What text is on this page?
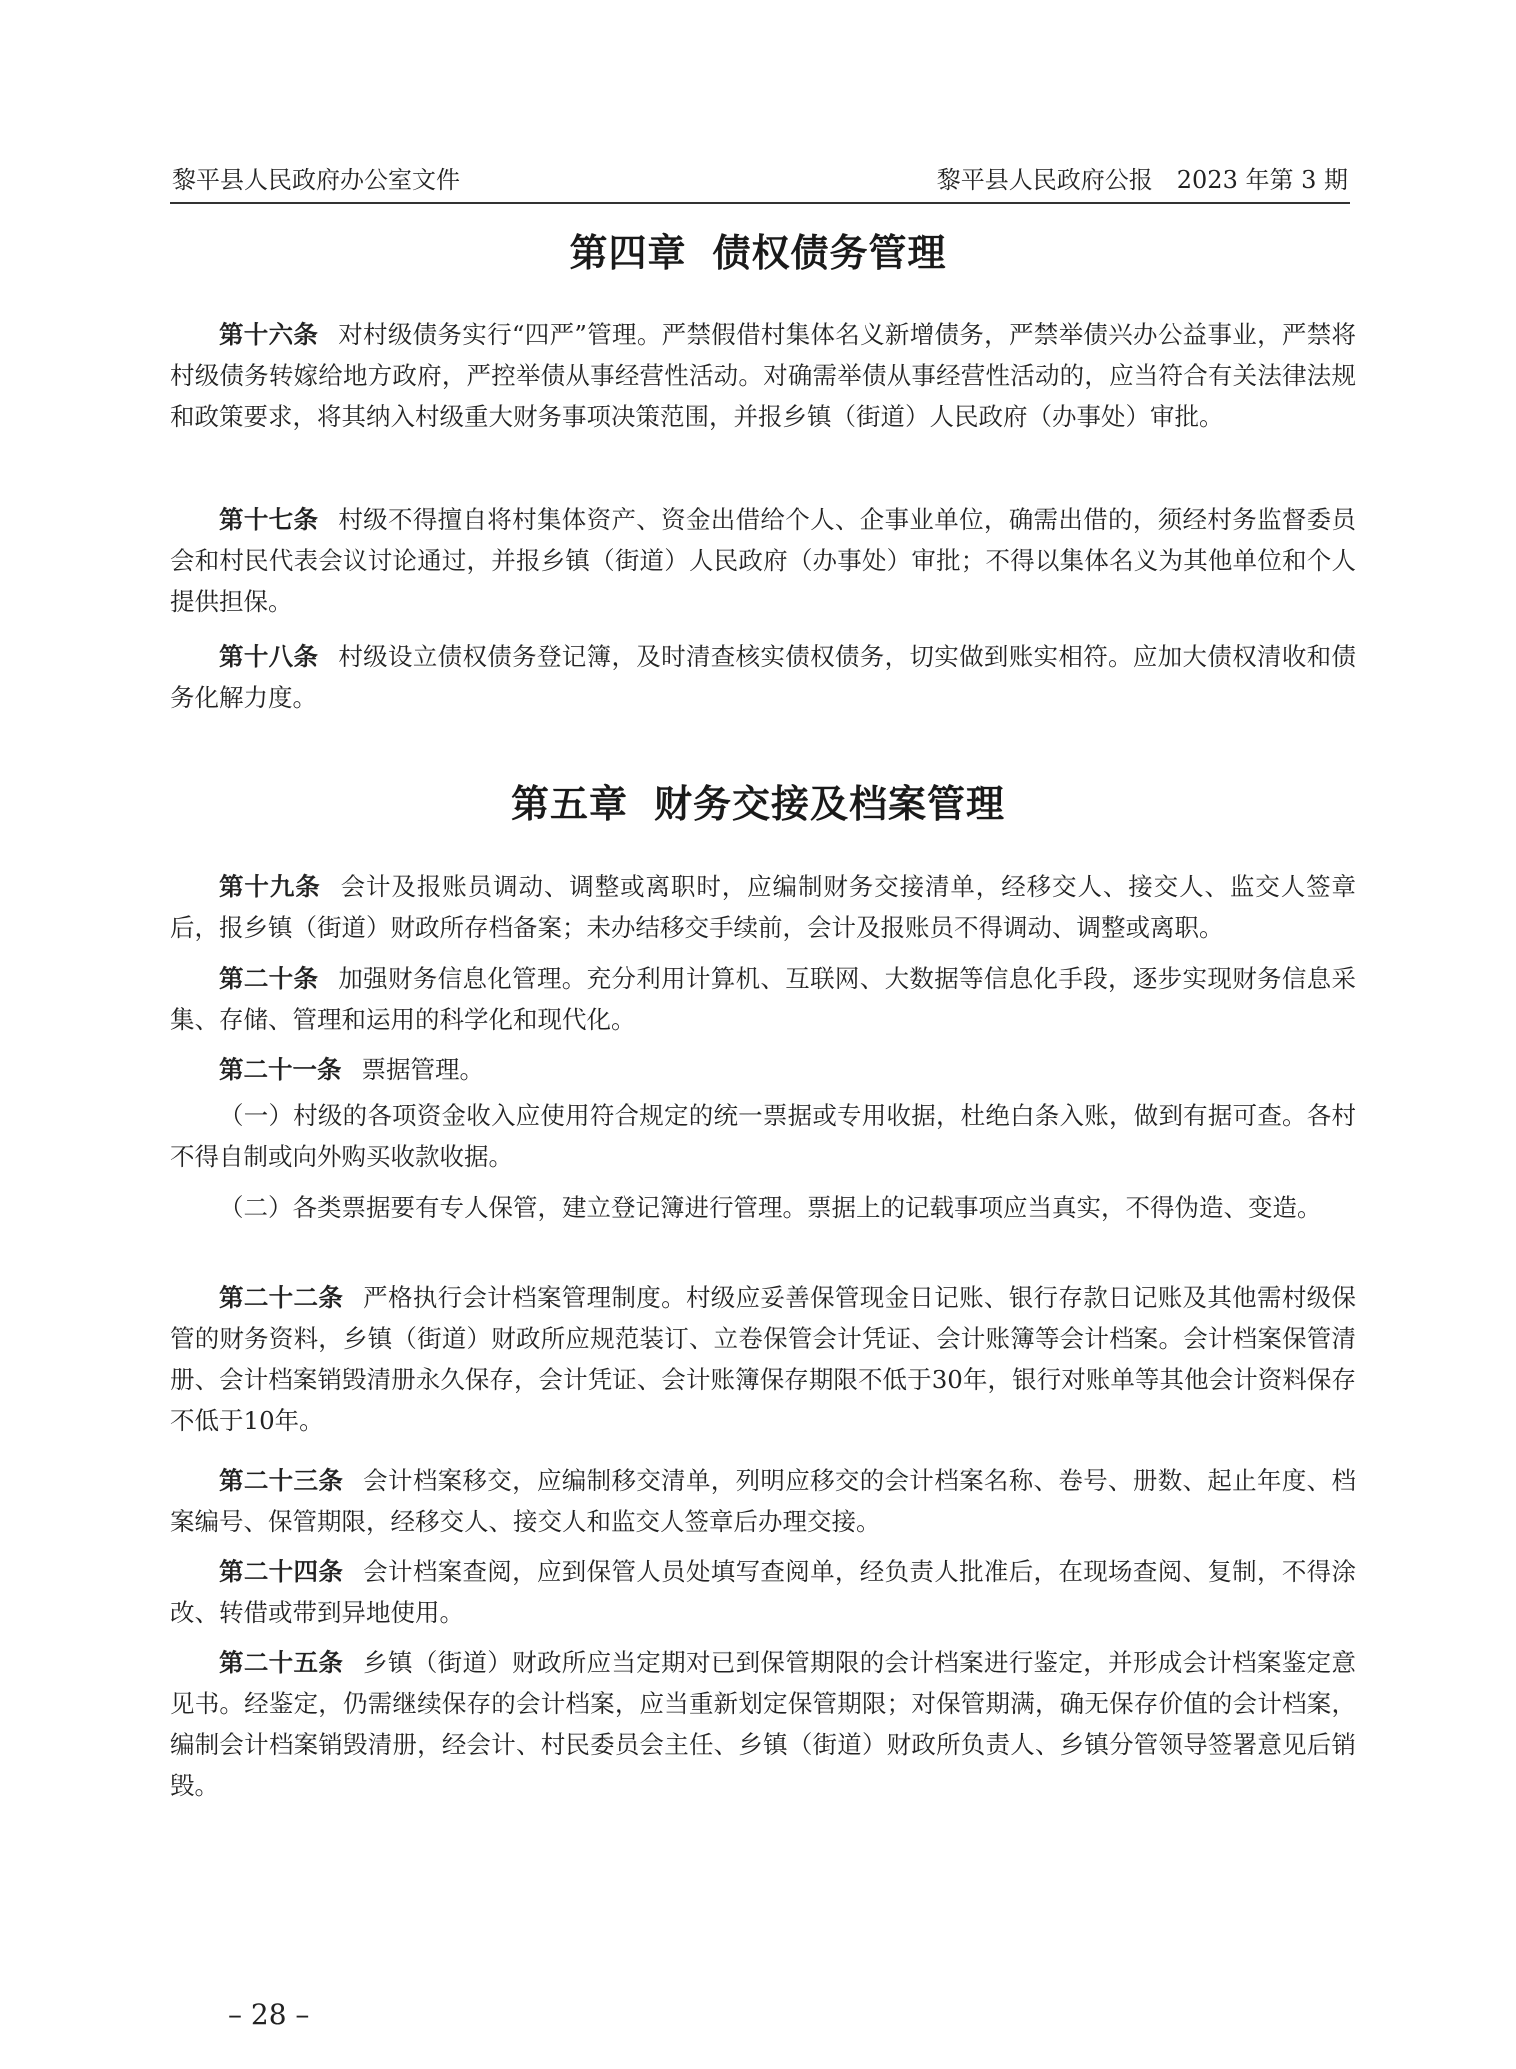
黎平县人民政府办公室文件	黎平县人民政府公报　2023 年第 3 期
第四章 债权债务管理

第十六条 对村级债务实行“四严”管理。严禁假借村集体名义新增债务，严禁举债兴办公益事业，严禁将村级债务转嫁给地方政府，严控举债从事经营性活动。对确需举债从事经营性活动的，应当符合有关法律法规和政策要求，将其纳入村级重大财务事项决策范围，并报乡镇（街道）人民政府（办事处）审批。

第十七条 村级不得擅自将村集体资产、资金出借给个人、企事业单位，确需出借的，须经村务监督委员会和村民代表会议讨论通过，并报乡镇（街道）人民政府（办事处）审批；不得以集体名义为其他单位和个人提供担保。

第十八条 村级设立债权债务登记簿，及时清查核实债权债务，切实做到账实相符。应加大债权清收和债务化解力度。

第五章 财务交接及档案管理

第十九条 会计及报账员调动、调整或离职时，应编制财务交接清单，经移交人、接交人、监交人签章后，报乡镇（街道）财政所存档备案；未办结移交手续前，会计及报账员不得调动、调整或离职。

第二十条 加强财务信息化管理。充分利用计算机、互联网、大数据等信息化手段，逐步实现财务信息采集、存储、管理和运用的科学化和现代化。

第二十一条 票据管理。

（一）村级的各项资金收入应使用符合规定的统一票据或专用收据，杜绝白条入账，做到有据可查。各村不得自制或向外购买收款收据。

（二）各类票据要有专人保管，建立登记簿进行管理。票据上的记载事项应当真实，不得伪造、变造。

第二十二条 严格执行会计档案管理制度。村级应妥善保管现金日记账、银行存款日记账及其他需村级保管的财务资料，乡镇（街道）财政所应规范装订、立卷保管会计凭证、会计账簿等会计档案。会计档案保管清册、会计档案销毁清册永久保存，会计凭证、会计账簿保存期限不低于30年，银行对账单等其他会计资料保存不低于10年。

第二十三条 会计档案移交，应编制移交清单，列明应移交的会计档案名称、卷号、册数、起止年度、档案编号、保管期限，经移交人、接交人和监交人签章后办理交接。

第二十四条 会计档案查阅，应到保管人员处填写查阅单，经负责人批准后，在现场查阅、复制，不得涂改、转借或带到异地使用。

第二十五条 乡镇（街道）财政所应当定期对已到保管期限的会计档案进行鉴定，并形成会计档案鉴定意见书。经鉴定，仍需继续保存的会计档案，应当重新划定保管期限；对保管期满，确无保存价值的会计档案，编制会计档案销毁清册，经会计、村民委员会主任、乡镇（街道）财政所负责人、乡镇分管领导签署意见后销毁。

– 28 –
